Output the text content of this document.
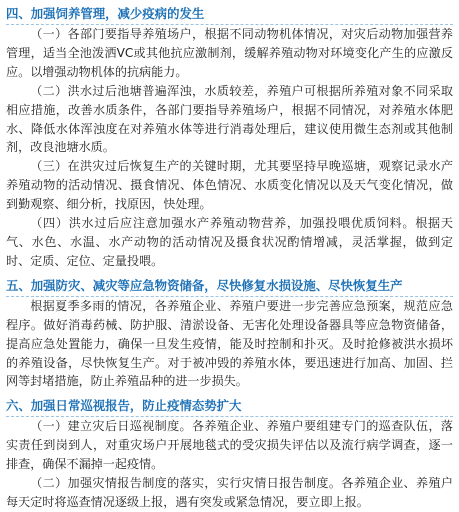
四、加强饲养管理，减少疫病的发生

（一）各部门要指导养殖场户，根据不同动物机体情况，对灾后动物加强营养管理，适当全池泼洒VC或其他抗应激制剂，缓解养殖动物对环境变化产生的应激反应。以增强动物机体的抗病能力。

（二）洪水过后池塘普遍浑浊，水质较差，养殖户可根据所养殖对象不同采取相应措施，改善水质条件，各部门要指导养殖场户，根据不同情况，对养殖水体肥水、降低水体浑浊度在对养殖水体等进行消毒处理后，建议使用微生态剂或其他制剂，改良池塘水质。

（三）在洪灾过后恢复生产的关键时期，尤其要坚持早晚巡塘，观察记录水产养殖动物的活动情况、摄食情况、体色情况、水质变化情况以及天气变化情况，做到勤观察、细分析，找原因，快处理。

（四）洪水过后应注意加强水产养殖动物营养，加强投喂优质饲料。根据天气、水色、水温、水产动物的活动情况及摄食状况酌情增减，灵活掌握，做到定时、定质、定位、定量投喂。

五、加强防灾、减灾等应急物资储备，尽快修复水损设施、尽快恢复生产

根据夏季多雨的情况，各养殖企业、养殖户要进一步完善应急预案，规范应急程序。做好消毒药械、防护服、清淤设备、无害化处理设备器具等应急物资储备，提高应急处置能力，确保一旦发生疫情，能及时控制和扑灭。及时抢修被洪水损坏的养殖设备，尽快恢复生产。对于被冲毁的养殖水体，要迅速进行加高、加固、拦网等封堵措施，防止养殖品种的进一步损失。

六、加强日常巡视报告，防止疫情态势扩大

（一）建立灾后日巡视制度。各养殖企业、养殖户要组建专门的巡查队伍，落实责任到岗到人，对重灾场户开展地毯式的受灾损失评估以及流行病学调查，逐一排查，确保不漏掉一起疫情。

（二）加强灾情报告制度的落实，实行灾情日报告制度。各养殖企业、养殖户每天定时将巡查情况逐级上报，遇有突发或紧急情况，要立即上报。
